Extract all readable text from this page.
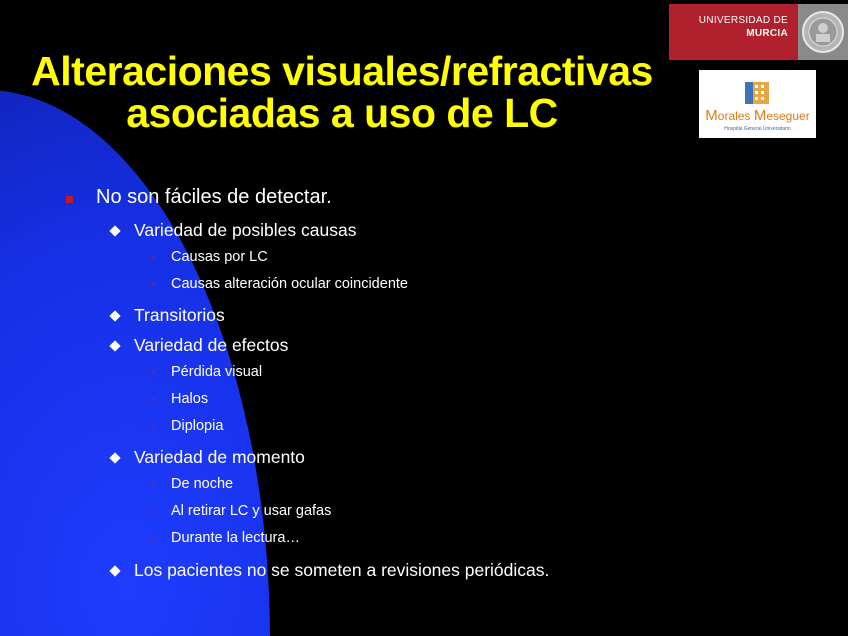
UNIVERSIDAD DE
MURCIA
Morales Meseguer
Hospital General Universitario
Alteraciones visuales/refractivas
asociadas a uso de LC
No son fáciles de detectar.
Variedad de posibles causas
▪ Causas por LC
▪ Causas alteración ocular coincidente
Transitorios
Variedad de efectos
▪ Pérdida visual
▪ Halos
▪ Diplopia
Variedad de momento
▪ De noche
▪ Al retirar LC y usar gafas
▪ Durante la lectura…
Los pacientes no se someten a revisiones periódicas.
